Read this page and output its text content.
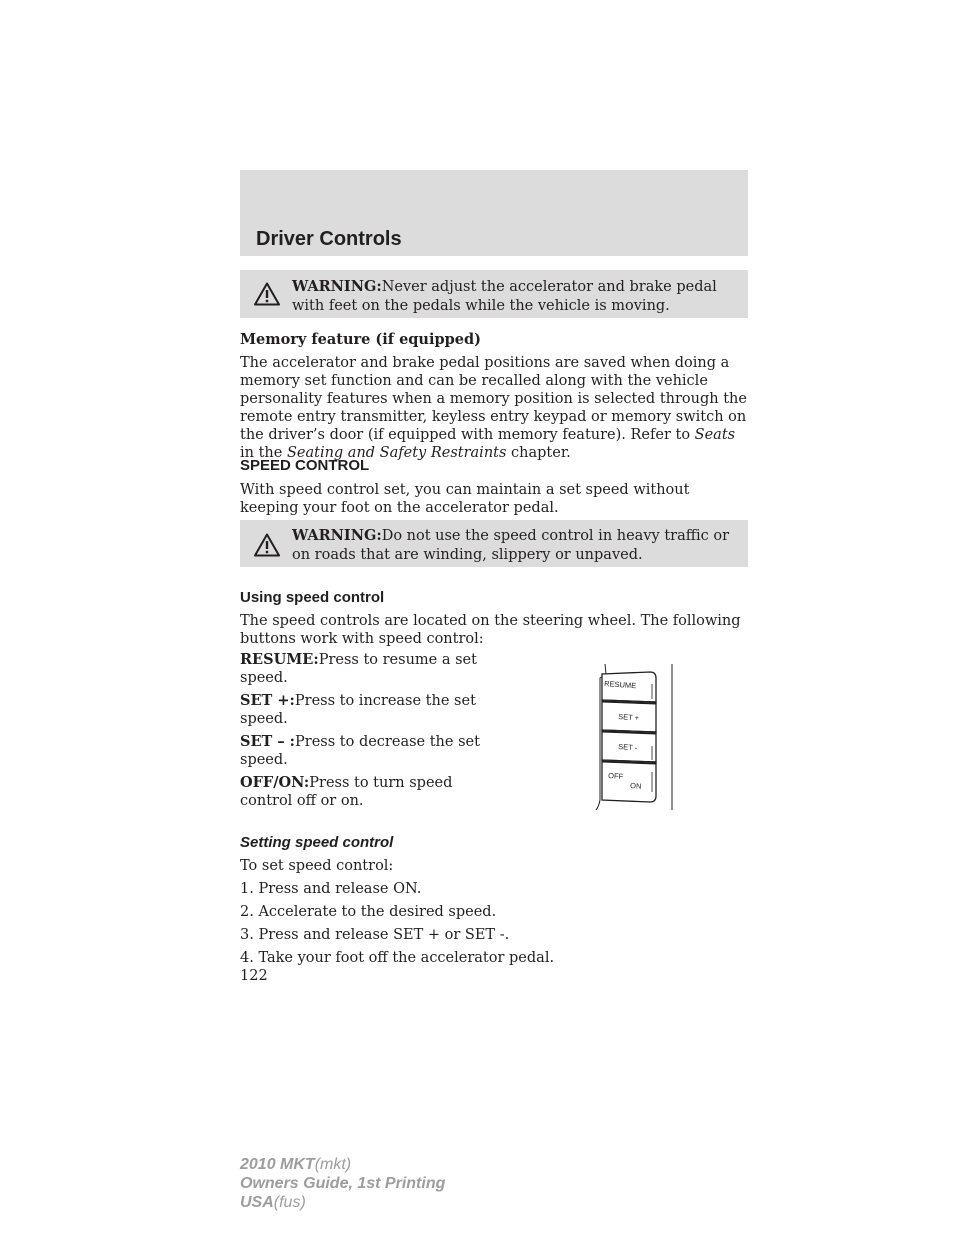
Driver Controls
WARNING:Never adjust the accelerator and brake pedal with feet on the pedals while the vehicle is moving.

Memory feature (if equipped)

The accelerator and brake pedal positions are saved when doing a memory set function and can be recalled along with the vehicle personality features when a memory position is selected through the remote entry transmitter, keyless entry keypad or memory switch on the driver’s door (if equipped with memory feature). Refer to Seats in the Seating and Safety Restraints chapter.

SPEED CONTROL

With speed control set, you can maintain a set speed without keeping your foot on the accelerator pedal.

WARNING:Do not use the speed control in heavy traffic or on roads that are winding, slippery or unpaved.

Using speed control

The speed controls are located on the steering wheel. The following buttons work with speed control:

RESUME:Press to resume a set speed.

SET +:Press to increase the set speed.

SET – :Press to decrease the set speed.

OFF/ON:Press to turn speed control off or on.

RESUME
SET +
SET -
OFF
ON

Setting speed control

To set speed control:

1. Press and release ON.

2. Accelerate to the desired speed.

3. Press and release SET + or SET -.

4. Take your foot off the accelerator pedal.

122

2010 MKT(mkt)
Owners Guide, 1st Printing
USA(fus)
